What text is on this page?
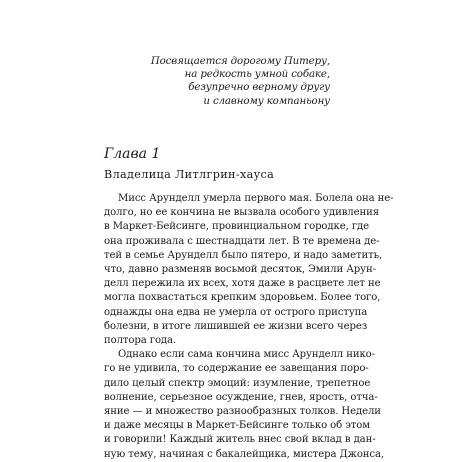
Посвящается дорогому Питеру,
на редкость умной собаке,
безупречно верному другу
и славному компаньону
Глава 1
Владелица Литлгрин-хауса
Мисс Арунделл умерла первого мая. Болела она не-
долго, но ее кончина не вызвала особого удивления
в Маркет-Бейсинге, провинциальном городке, где
она проживала с шестнадцати лет. В те времена де-
тей в семье Арунделл было пятеро, и надо заметить,
что, давно разменяв восьмой десяток, Эмили Арун-
делл пережила их всех, хотя даже в расцвете лет не
могла похвастаться крепким здоровьем. Более того,
однажды она едва не умерла от острого приступа
болезни, в итоге лишившей ее жизни всего через
полтора года.
Однако если сама кончина мисс Арунделл нико-
го не удивила, то содержание ее завещания поро-
дило целый спектр эмоций: изумление, трепетное
волнение, серьезное осуждение, гнев, ярость, отча-
яние — и множество разнообразных толков. Недели
и даже месяцы в Маркет-Бейсинге только об этом
и говорили! Каждый житель внес свой вклад в дан-
ную тему, начиная с бакалейщика, мистера Джонса,
